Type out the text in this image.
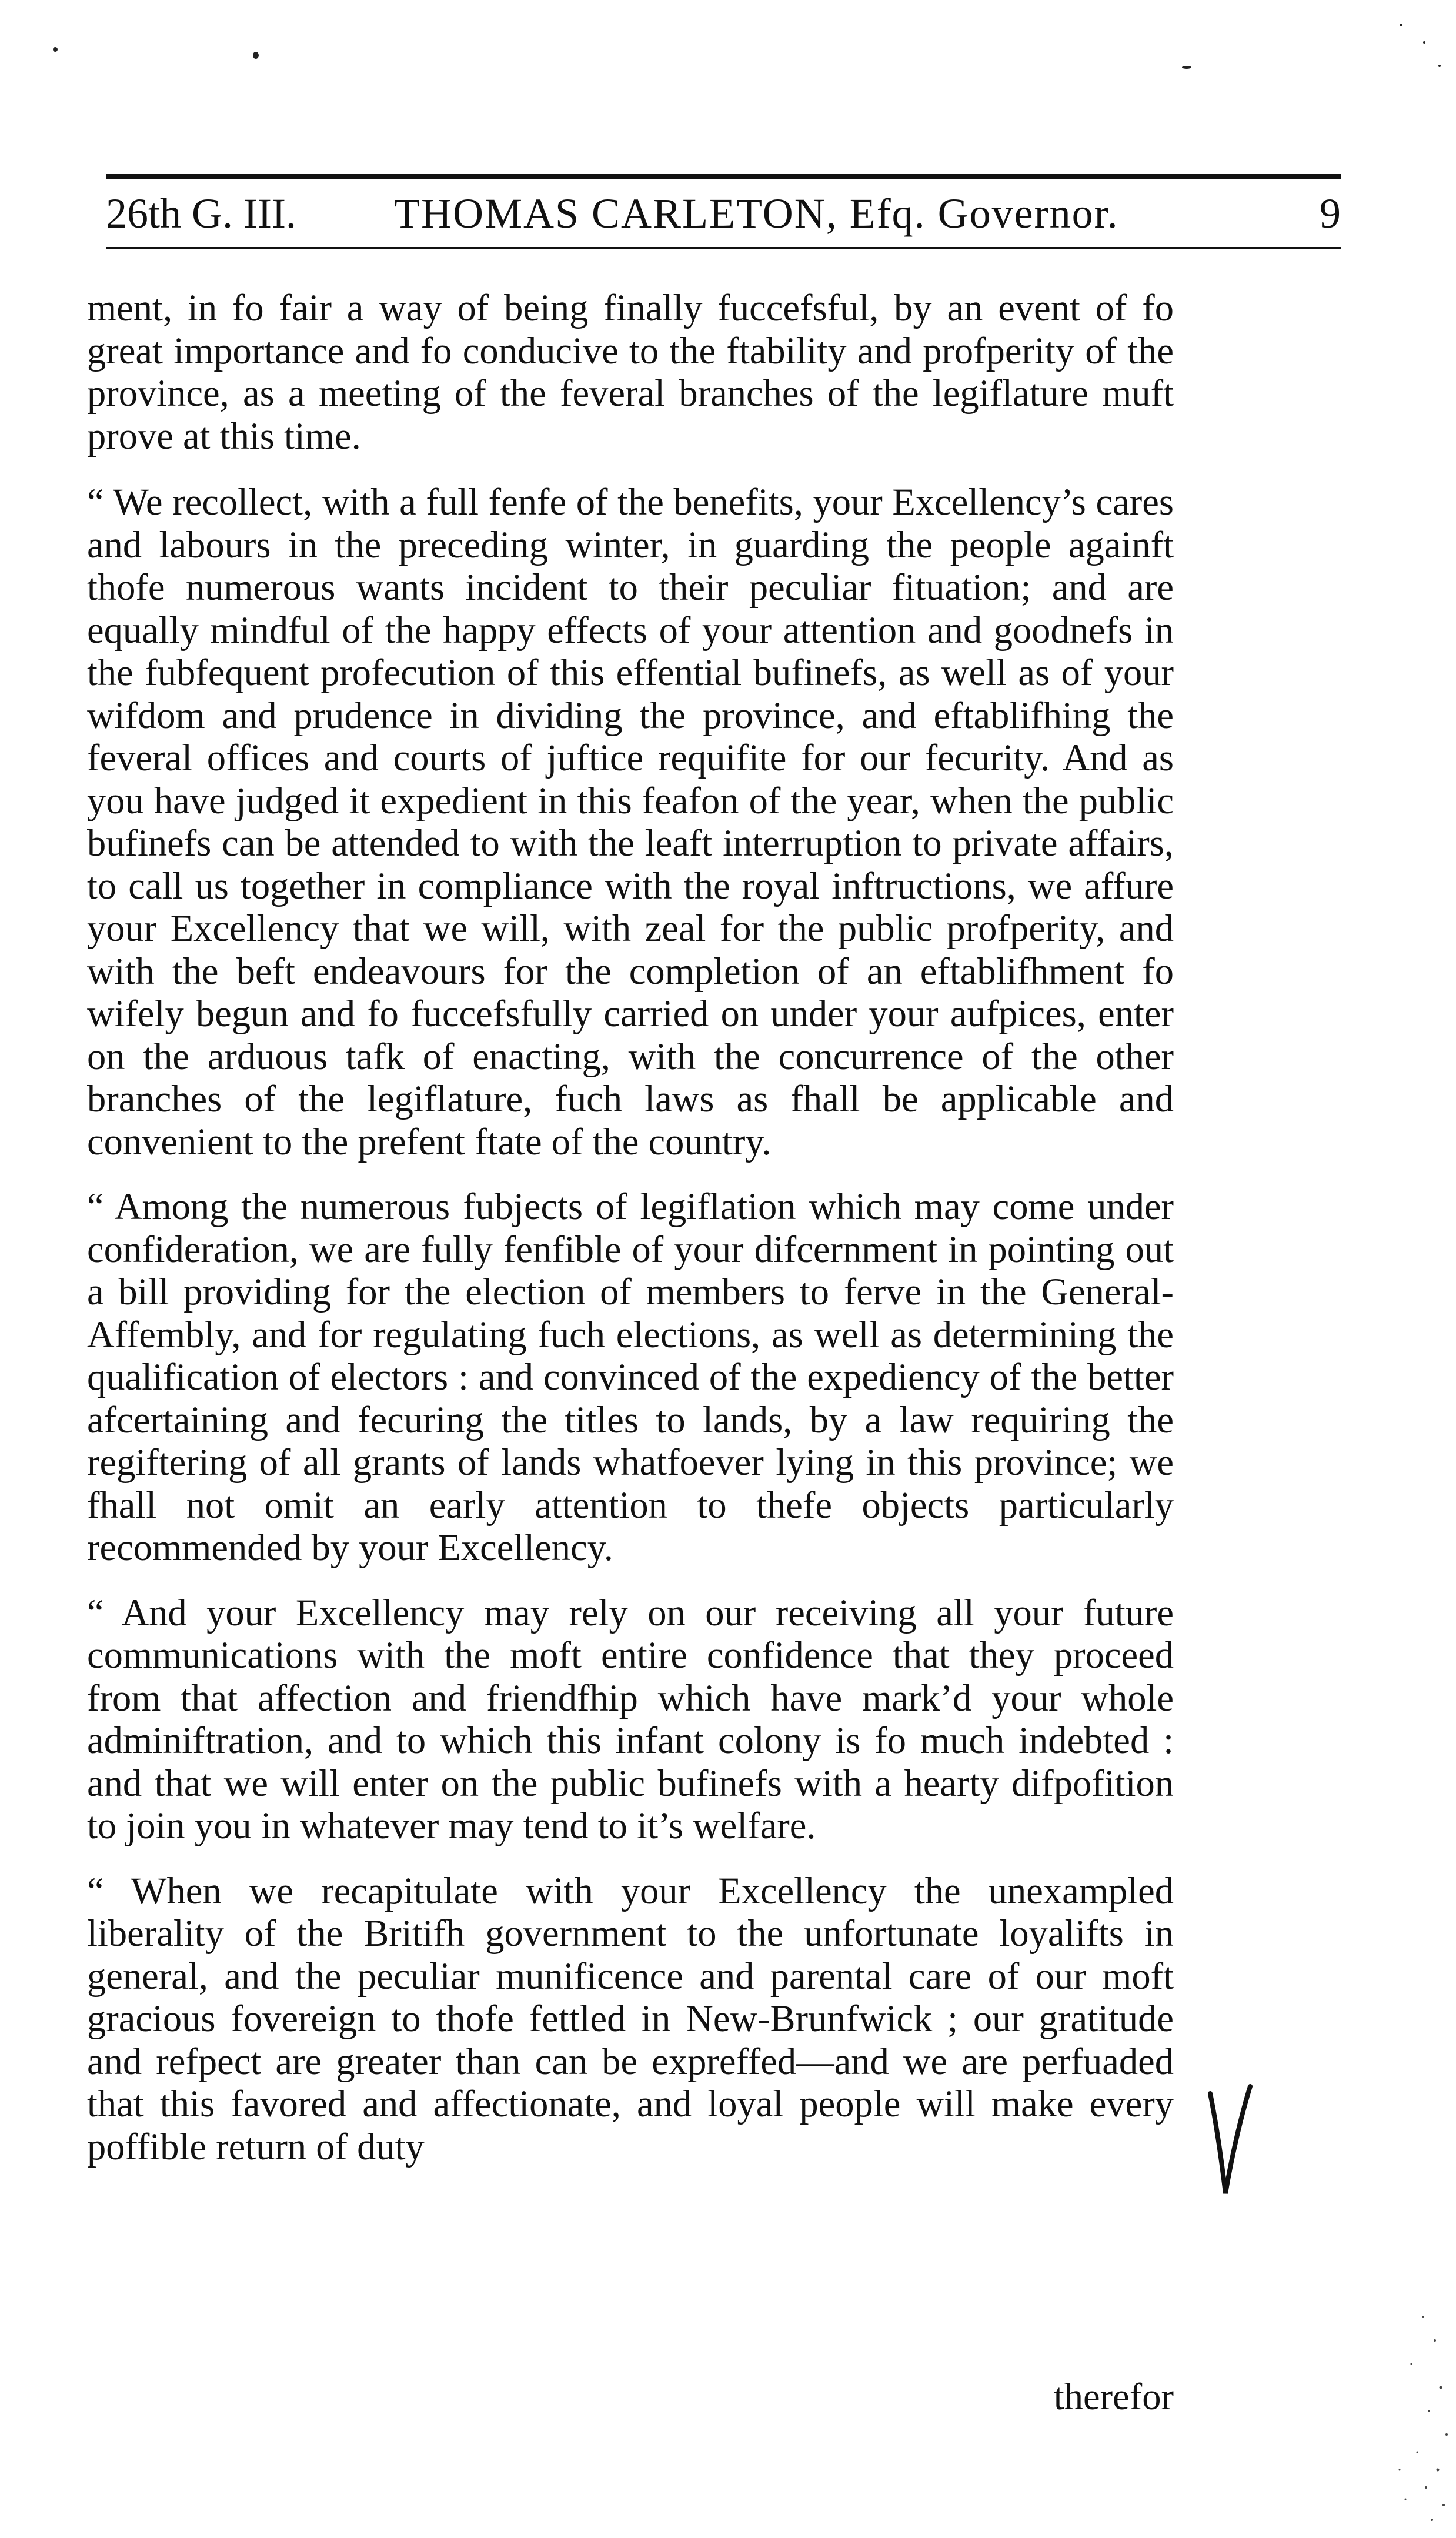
26th G. III. THOMAS CARLETON, Efq. Governor.	9

ment, in fo fair a way of being finally fuccefsful, by an event of fo great importance and fo conducive to the ftability and profperity of the province, as a meeting of the feveral branches of the legiflature muft prove at this time.

“ We recollect, with a full fenfe of the benefits, your Excellency’s cares and labours in the preceding winter, in guarding the people againft thofe numerous wants incident to their peculiar fituation; and are equally mindful of the happy effects of your attention and goodnefs in the fubfequent profecution of this effential bufinefs, as well as of your wifdom and prudence in dividing the province, and eftablifhing the feveral offices and courts of juftice requifite for our fecurity. And as you have judged it expedient in this feafon of the year, when the public bufinefs can be attended to with the leaft interruption to private affairs, to call us together in compliance with the royal inftructions, we affure your Excellency that we will, with zeal for the public profperity, and with the beft endeavours for the completion of an eftablifhment fo wifely begun and fo fuccefsfully carried on under your aufpices, enter on the arduous tafk of enacting, with the concurrence of the other branches of the legiflature, fuch laws as fhall be applicable and convenient to the prefent ftate of the country.

“ Among the numerous fubjects of legiflation which may come under confideration, we are fully fenfible of your difcernment in pointing out a bill providing for the election of members to ferve in the General-Affembly, and for regulating fuch elections, as well as determining the qualification of electors : and convinced of the expediency of the better afcertaining and fecuring the titles to lands, by a law requiring the regiftering of all grants of lands whatfoever lying in this province; we fhall not omit an early attention to thefe objects particularly recommended by your Excellency.

“ And your Excellency may rely on our receiving all your future communications with the moft entire confidence that they proceed from that affection and friendfhip which have mark’d your whole adminiftration, and to which this infant colony is fo much indebted : and that we will enter on the public bufinefs with a hearty difpofition to join you in whatever may tend to it’s welfare.

“ When we recapitulate with your Excellency the unexampled liberality of the Britifh government to the unfortunate loyalifts in general, and the peculiar munificence and parental care of our moft gracious fovereign to thofe fettled in New-Brunfwick ; our gratitude and refpect are greater than can be expreffed—and we are perfuaded that this favored and affectionate, and loyal people will make every poffible return of duty

therefor
